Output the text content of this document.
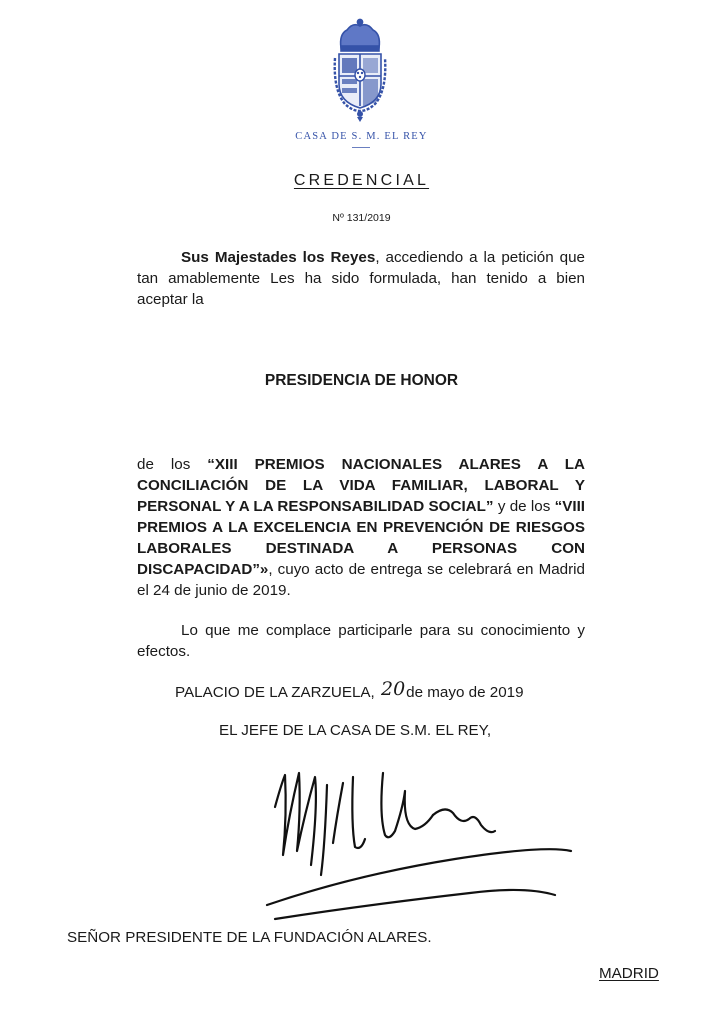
CASA DE S. M. EL REY
CREDENCIAL
Nº 131/2019
Sus Majestades los Reyes, accediendo a la petición que tan amablemente Les ha sido formulada, han tenido a bien aceptar la
PRESIDENCIA DE HONOR
de los “XIII PREMIOS NACIONALES ALARES A LA CONCILIACIÓN DE LA VIDA FAMILIAR, LABORAL Y PERSONAL Y A LA RESPONSABILIDAD SOCIAL” y de los “VIII PREMIOS A LA EXCELENCIA EN PREVENCIÓN DE RIESGOS LABORALES DESTINADA A PERSONAS CON DISCAPACIDAD”», cuyo acto de entrega se celebrará en Madrid el 24 de junio de 2019.
Lo que me complace participarle para su conocimiento y efectos.
PALACIO DE LA ZARZUELA, 20de mayo de 2019
EL JEFE DE LA CASA DE S.M. EL REY,
SEÑOR PRESIDENTE DE LA FUNDACIÓN ALARES.
MADRID
